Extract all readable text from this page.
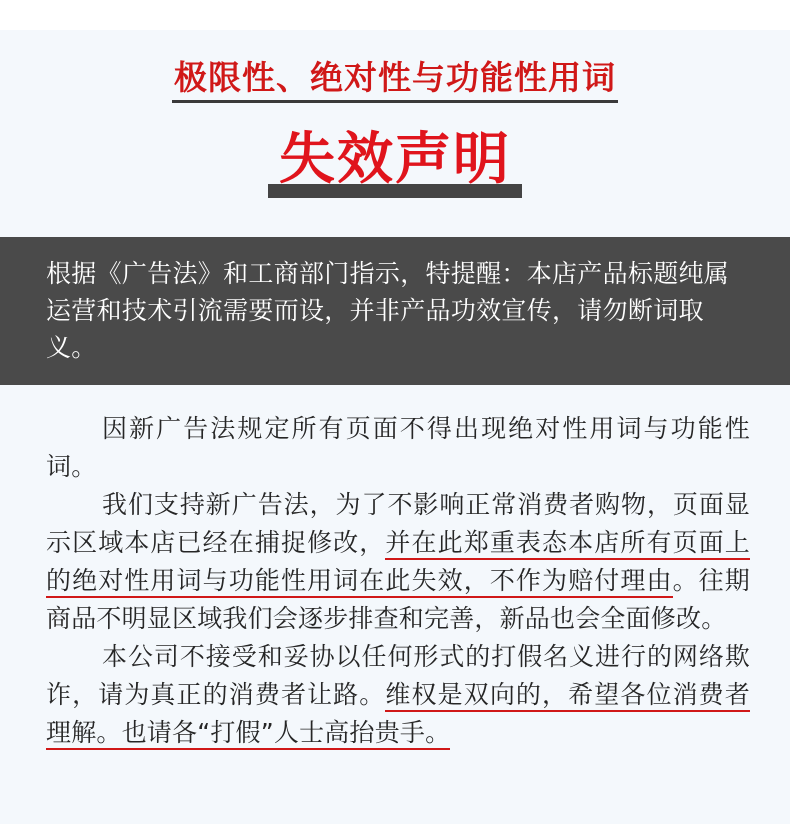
极限性、绝对性与功能性用词
失效声明

根据《广告法》和工商部门指示，特提醒：本店产品标题纯属运营和技术引流需要而设，并非产品功效宣传，请勿断词取义。

因新广告法规定所有页面不得出现绝对性用词与功能性词。

我们支持新广告法，为了不影响正常消费者购物，页面显示区域本店已经在捕捉修改，并在此郑重表态本店所有页面上的绝对性用词与功能性用词在此失效，不作为赔付理由。往期商品不明显区域我们会逐步排查和完善，新品也会全面修改。

本公司不接受和妥协以任何形式的打假名义进行的网络欺诈，请为真正的消费者让路。维权是双向的，希望各位消费者理解。也请各“打假”人士高抬贵手。
